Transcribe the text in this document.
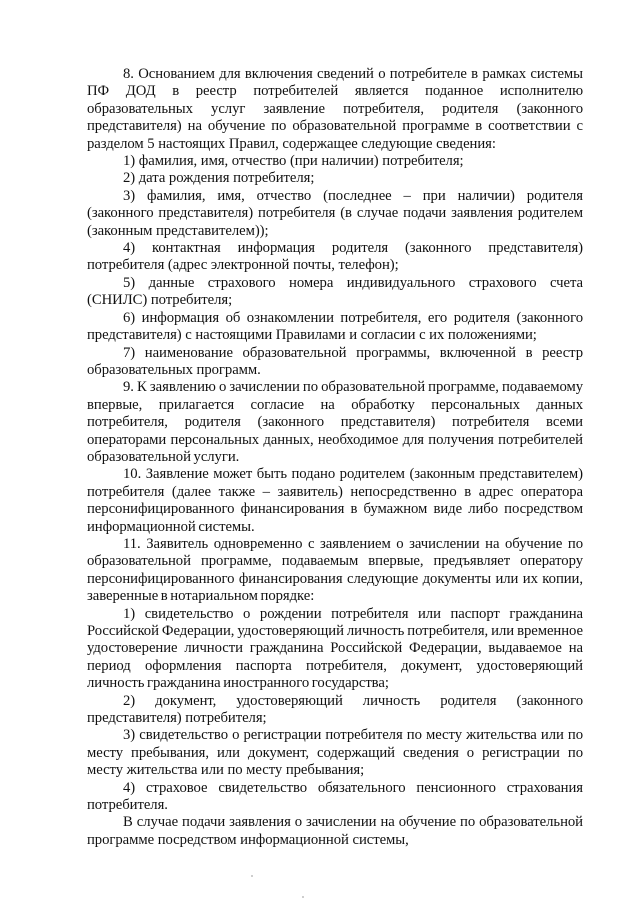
8. Основанием для включения сведений о потребителе в рамках системы ПФ ДОД в реестр потребителей является поданное исполнителю образовательных услуг заявление потребителя, родителя (законного представителя) на обучение по образовательной программе в соответствии с разделом 5 настоящих Правил, содержащее следующие сведения:

1) фамилия, имя, отчество (при наличии) потребителя;

2) дата рождения потребителя;

3) фамилия, имя, отчество (последнее – при наличии) родителя (законного представителя) потребителя (в случае подачи заявления родителем (законным представителем));

4) контактная информация родителя (законного представителя) потребителя (адрес электронной почты, телефон);

5) данные страхового номера индивидуального страхового счета (СНИЛС) потребителя;

6) информация об ознакомлении потребителя, его родителя (законного представителя) с настоящими Правилами и согласии с их положениями;

7) наименование образовательной программы, включенной в реестр образовательных программ.

9. К заявлению о зачислении по образовательной программе, подаваемому впервые, прилагается согласие на обработку персональных данных потребителя, родителя (законного представителя) потребителя всеми операторами персональных данных, необходимое для получения потребителей образовательной услуги.

10. Заявление может быть подано родителем (законным представителем) потребителя (далее также – заявитель) непосредственно в адрес оператора персонифицированного финансирования в бумажном виде либо посредством информационной системы.

11. Заявитель одновременно с заявлением о зачислении на обучение по образовательной программе, подаваемым впервые, предъявляет оператору персонифицированного финансирования следующие документы или их копии, заверенные в нотариальном порядке:

1) свидетельство о рождении потребителя или паспорт гражданина Российской Федерации, удостоверяющий личность потребителя, или временное удостоверение личности гражданина Российской Федерации, выдаваемое на период оформления паспорта потребителя, документ, удостоверяющий личность гражданина иностранного государства;

2) документ, удостоверяющий личность родителя (законного представителя) потребителя;

3) свидетельство о регистрации потребителя по месту жительства или по месту пребывания, или документ, содержащий сведения о регистрации по месту жительства или по месту пребывания;

4) страховое свидетельство обязательного пенсионного страхования потребителя.

В случае подачи заявления о зачислении на обучение по образовательной программе посредством информационной системы,
